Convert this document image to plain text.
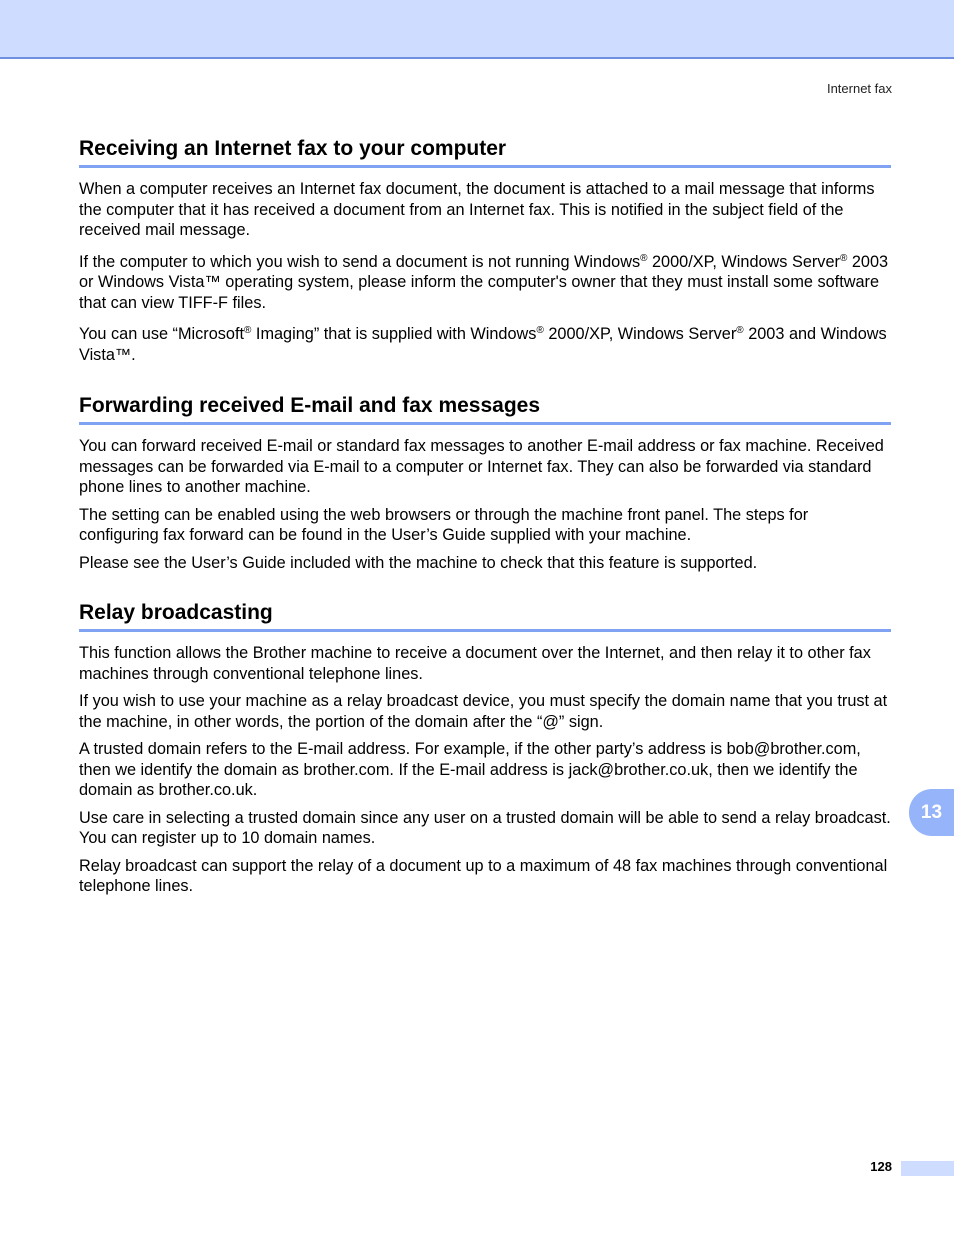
Internet fax
Receiving an Internet fax to your computer

When a computer receives an Internet fax document, the document is attached to a mail message that informs the computer that it has received a document from an Internet fax. This is notified in the subject field of the received mail message.

If the computer to which you wish to send a document is not running Windows® 2000/XP, Windows Server® 2003 or Windows Vista™ operating system, please inform the computer's owner that they must install some software that can view TIFF-F files.

You can use “Microsoft® Imaging” that is supplied with Windows® 2000/XP, Windows Server® 2003 and Windows Vista™.

Forwarding received E-mail and fax messages

You can forward received E-mail or standard fax messages to another E-mail address or fax machine. Received messages can be forwarded via E-mail to a computer or Internet fax. They can also be forwarded via standard phone lines to another machine.

The setting can be enabled using the web browsers or through the machine front panel. The steps for configuring fax forward can be found in the User’s Guide supplied with your machine.

Please see the User’s Guide included with the machine to check that this feature is supported.

Relay broadcasting

This function allows the Brother machine to receive a document over the Internet, and then relay it to other fax machines through conventional telephone lines.

If you wish to use your machine as a relay broadcast device, you must specify the domain name that you trust at the machine, in other words, the portion of the domain after the “@” sign.

A trusted domain refers to the E-mail address. For example, if the other party’s address is bob@brother.com, then we identify the domain as brother.com. If the E-mail address is jack@brother.co.uk, then we identify the domain as brother.co.uk.

Use care in selecting a trusted domain since any user on a trusted domain will be able to send a relay broadcast. You can register up to 10 domain names.

Relay broadcast can support the relay of a document up to a maximum of 48 fax machines through conventional telephone lines.

13
128
